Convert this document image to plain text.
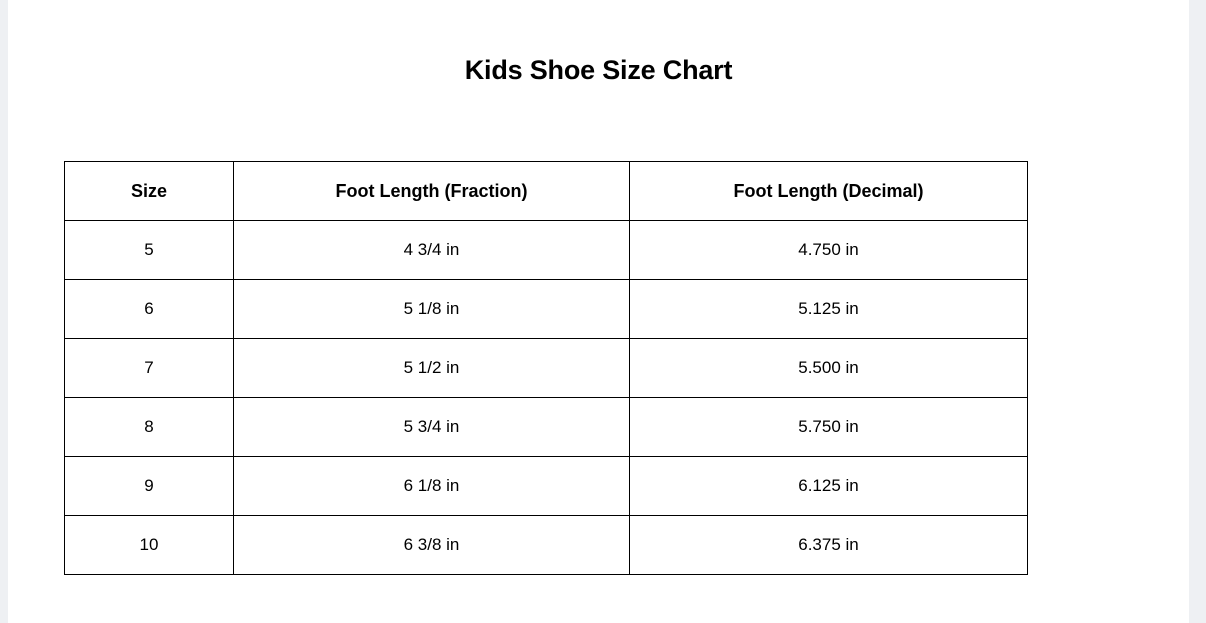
Kids Shoe Size Chart
Size	Foot Length (Fraction)	Foot Length (Decimal)
5	4 3/4 in	4.750 in
6	5 1/8 in	5.125 in
7	5 1/2 in	5.500 in
8	5 3/4 in	5.750 in
9	6 1/8 in	6.125 in
10	6 3/8 in	6.375 in
